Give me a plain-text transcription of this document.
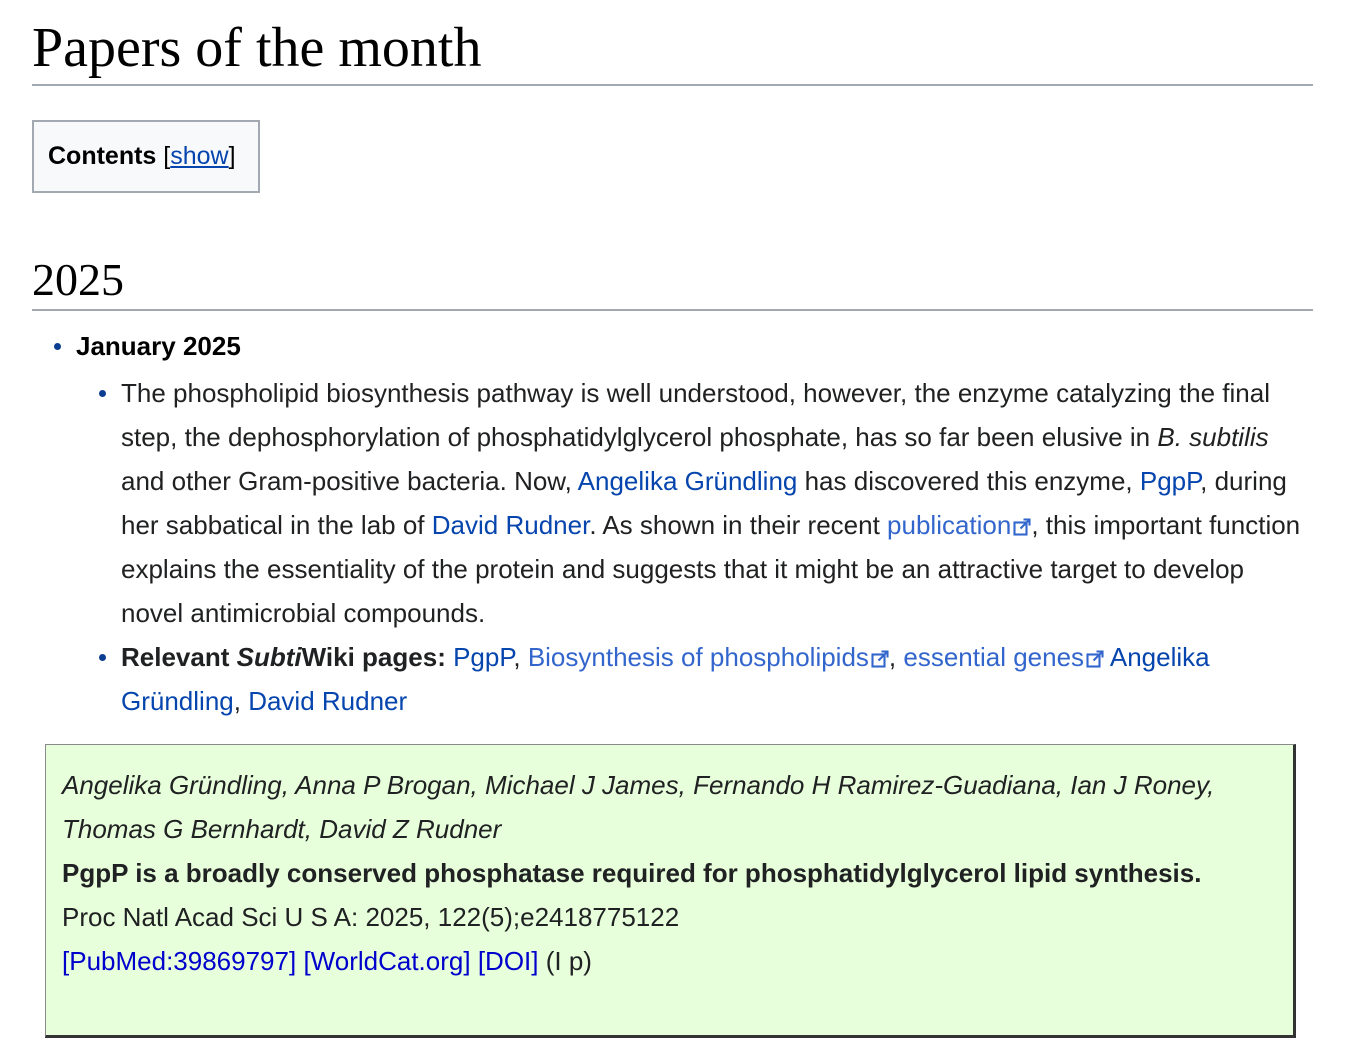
Papers of the month
Contents [show]
2025
January 2025
The phospholipid biosynthesis pathway is well understood, however, the enzyme catalyzing the final step, the dephosphorylation of phosphatidylglycerol phosphate, has so far been elusive in B. subtilis and other Gram-positive bacteria. Now, Angelika Gründling has discovered this enzyme, PgpP, during her sabbatical in the lab of David Rudner. As shown in their recent publication , this important function explains the essentiality of the protein and suggests that it might be an attractive target to develop novel antimicrobial compounds.
Relevant SubtiWiki pages: PgpP, Biosynthesis of phospholipids , essential genes Angelika Gründling, David Rudner
Angelika Gründling, Anna P Brogan, Michael J James, Fernando H Ramirez-Guadiana, Ian J Roney, Thomas G Bernhardt, David Z Rudner
PgpP is a broadly conserved phosphatase required for phosphatidylglycerol lipid synthesis.
Proc Natl Acad Sci U S A: 2025, 122(5);e2418775122
[PubMed:39869797] [WorldCat.org] [DOI] (I p)
